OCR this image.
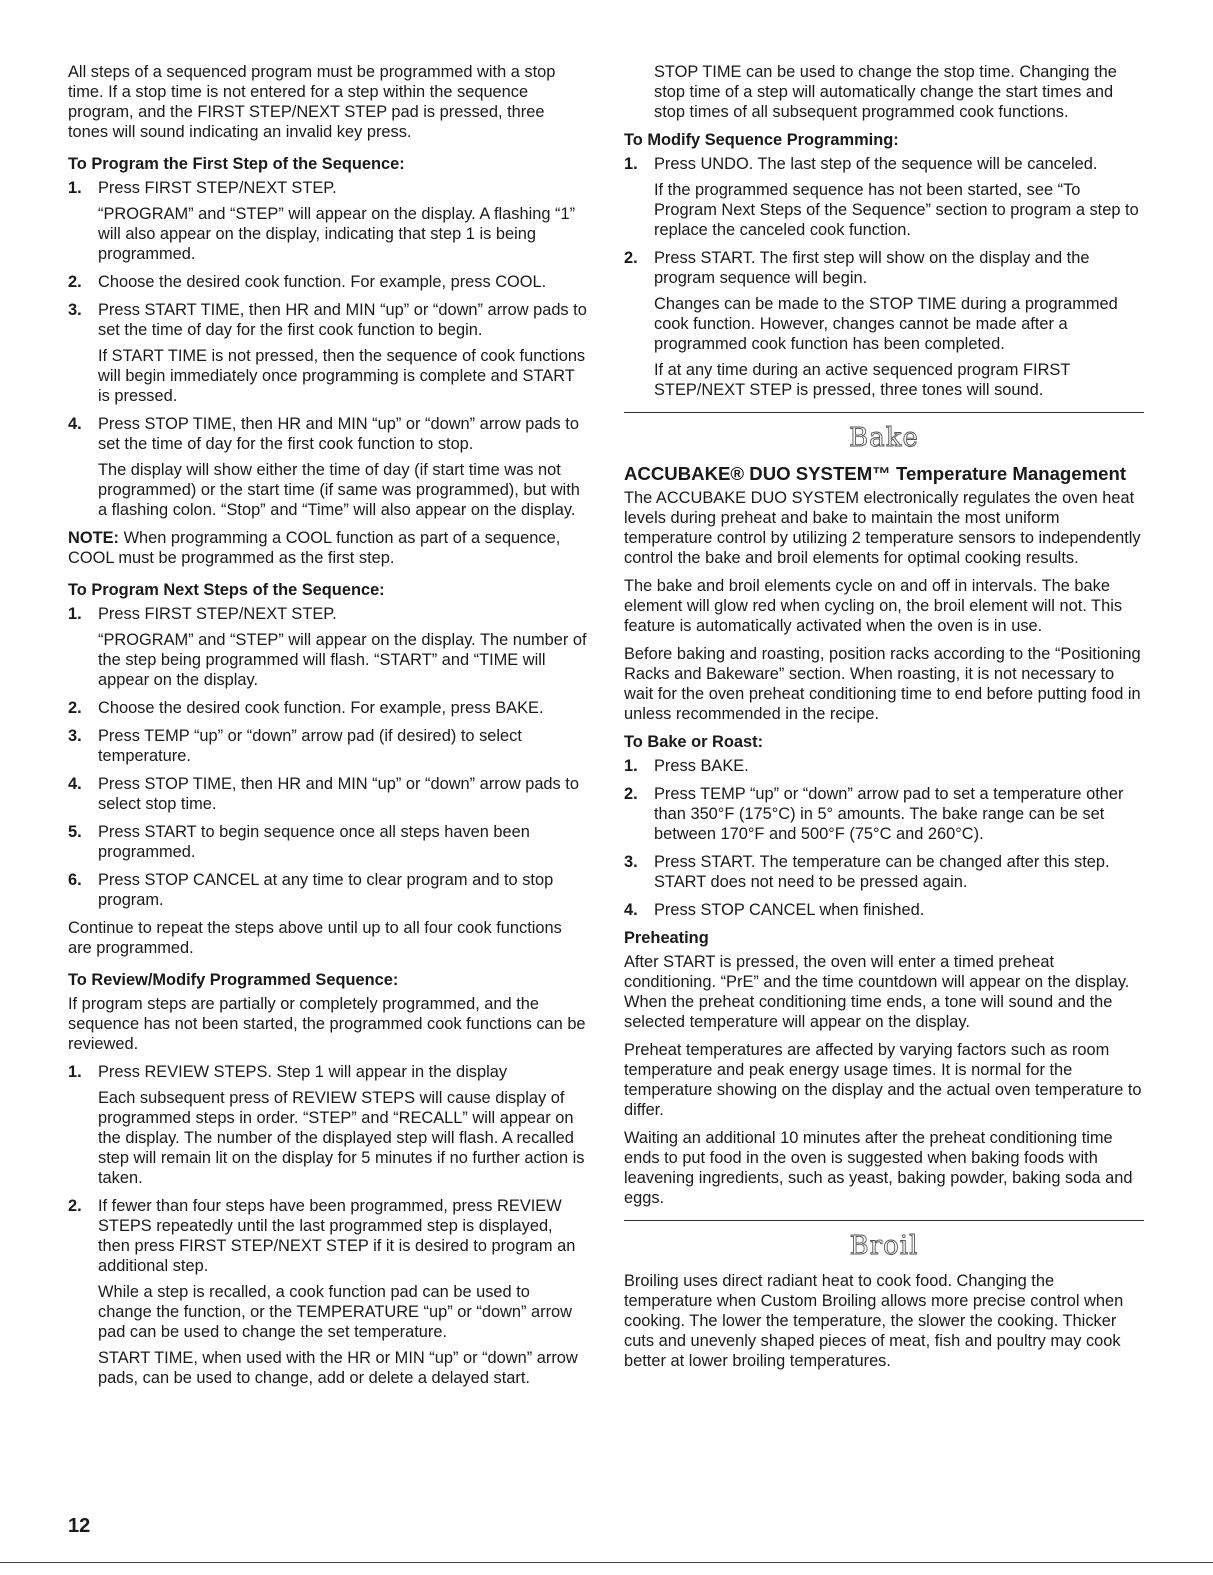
All steps of a sequenced program must be programmed with a stop time. If a stop time is not entered for a step within the sequence program, and the FIRST STEP/NEXT STEP pad is pressed, three tones will sound indicating an invalid key press.

To Program the First Step of the Sequence:
1. Press FIRST STEP/NEXT STEP.

“PROGRAM” and “STEP” will appear on the display. A flashing “1” will also appear on the display, indicating that step 1 is being programmed.

2. Choose the desired cook function. For example, press COOL.

3. Press START TIME, then HR and MIN “up” or “down” arrow pads to set the time of day for the first cook function to begin.

If START TIME is not pressed, then the sequence of cook functions will begin immediately once programming is complete and START is pressed.

4. Press STOP TIME, then HR and MIN “up” or “down” arrow pads to set the time of day for the first cook function to stop.

The display will show either the time of day (if start time was not programmed) or the start time (if same was programmed), but with a flashing colon. “Stop” and “Time” will also appear on the display.

NOTE: When programming a COOL function as part of a sequence, COOL must be programmed as the first step.

To Program Next Steps of the Sequence:
1. Press FIRST STEP/NEXT STEP.

“PROGRAM” and “STEP” will appear on the display. The number of the step being programmed will flash. “START” and “TIME will appear on the display.

2. Choose the desired cook function. For example, press BAKE.

3. Press TEMP “up” or “down” arrow pad (if desired) to select temperature.

4. Press STOP TIME, then HR and MIN “up” or “down” arrow pads to select stop time.

5. Press START to begin sequence once all steps haven been programmed.

6. Press STOP CANCEL at any time to clear program and to stop program.

Continue to repeat the steps above until up to all four cook functions are programmed.

To Review/Modify Programmed Sequence:

If program steps are partially or completely programmed, and the sequence has not been started, the programmed cook functions can be reviewed.

1. Press REVIEW STEPS. Step 1 will appear in the display

Each subsequent press of REVIEW STEPS will cause display of programmed steps in order. “STEP” and “RECALL” will appear on the display. The number of the displayed step will flash. A recalled step will remain lit on the display for 5 minutes if no further action is taken.

2. If fewer than four steps have been programmed, press REVIEW STEPS repeatedly until the last programmed step is displayed, then press FIRST STEP/NEXT STEP if it is desired to program an additional step.

While a step is recalled, a cook function pad can be used to change the function, or the TEMPERATURE “up” or “down” arrow pad can be used to change the set temperature.

START TIME, when used with the HR or MIN “up” or “down” arrow pads, can be used to change, add or delete a delayed start.

STOP TIME can be used to change the stop time. Changing the stop time of a step will automatically change the start times and stop times of all subsequent programmed cook functions.

To Modify Sequence Programming:
1. Press UNDO. The last step of the sequence will be canceled.

If the programmed sequence has not been started, see “To Program Next Steps of the Sequence” section to program a step to replace the canceled cook function.

2. Press START. The first step will show on the display and the program sequence will begin.

Changes can be made to the STOP TIME during a programmed cook function. However, changes cannot be made after a programmed cook function has been completed.

If at any time during an active sequenced program FIRST STEP/NEXT STEP is pressed, three tones will sound.

Bake
ACCUBAKE® DUO SYSTEM™ Temperature Management

The ACCUBAKE DUO SYSTEM electronically regulates the oven heat levels during preheat and bake to maintain the most uniform temperature control by utilizing 2 temperature sensors to independently control the bake and broil elements for optimal cooking results.

The bake and broil elements cycle on and off in intervals. The bake element will glow red when cycling on, the broil element will not. This feature is automatically activated when the oven is in use.

Before baking and roasting, position racks according to the “Positioning Racks and Bakeware” section. When roasting, it is not necessary to wait for the oven preheat conditioning time to end before putting food in unless recommended in the recipe.

To Bake or Roast:
1. Press BAKE.

2. Press TEMP “up” or “down” arrow pad to set a temperature other than 350°F (175°C) in 5° amounts. The bake range can be set between 170°F and 500°F (75°C and 260°C).

3. Press START. The temperature can be changed after this step. START does not need to be pressed again.

4. Press STOP CANCEL when finished.

Preheating

After START is pressed, the oven will enter a timed preheat conditioning. “PrE” and the time countdown will appear on the display. When the preheat conditioning time ends, a tone will sound and the selected temperature will appear on the display.

Preheat temperatures are affected by varying factors such as room temperature and peak energy usage times. It is normal for the temperature showing on the display and the actual oven temperature to differ.

Waiting an additional 10 minutes after the preheat conditioning time ends to put food in the oven is suggested when baking foods with leavening ingredients, such as yeast, baking powder, baking soda and eggs.

Broil

Broiling uses direct radiant heat to cook food. Changing the temperature when Custom Broiling allows more precise control when cooking. The lower the temperature, the slower the cooking. Thicker cuts and unevenly shaped pieces of meat, fish and poultry may cook better at lower broiling temperatures.

12
